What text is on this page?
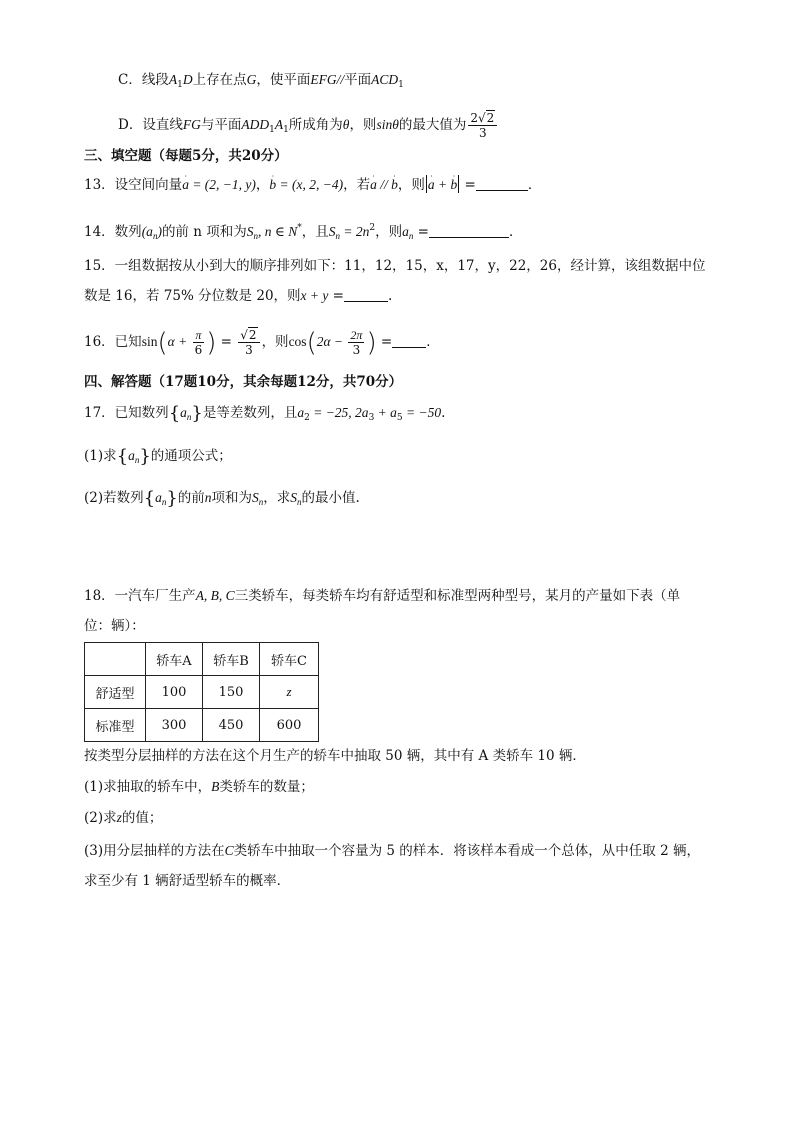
C．线段$A_1D$上存在点G，使平面EFG//平面$ACD_1$
D．设直线FG与平面$ADD_1A_1$所成角为θ，则sinθ的最大值为 $\frac{2√2}{3}$
三、填空题（每题5分，共20分）
13．设空间向量˙ a = (2, −1, y)，˙ b = (x, 2, −4)，若˙ a // ˙ b，则 ˙ a + ˙ b =	．
14．数列$(a_n)$的前 n 项和为$S_n$, n ∈ N*，且$S_n = 2n^2$，则$a_n$ =	．
15．一组数据按从小到大的顺序排列如下：11，12，15，x，17，y，22，26，经计算，该组数据中位
数是 16，若 75% 分位数是 20，则x + y =	.
16．已知$\sin(\alpha + \frac{\pi}{6}$ ) = $\frac{√2}{3}$ ，则$\cos(2\alpha - \frac{2\pi}{3}$ ) =	．
四、解答题（17题10分，其余每题12分，共70分）
17．已知数列$\{a_n\}$是等差数列，且$a_2 = -25$, $2a_3 + a_5 = -50$.
(1)求$\{a_n\}$的通项公式；
(2)若数列$\{a_n\}$的前n项和为$S_n$，求$S_n$的最小值.
18．一汽车厂生产A, B, C三类轿车，每类轿车均有舒适型和标准型两种型号，某月的产量如下表（单
位：辆）：
	轿车A	轿车B	轿车C
舒适型	100	150	z
标准型	300	450	600
按类型分层抽样的方法在这个月生产的轿车中抽取 50 辆，其中有 A 类轿车 10 辆．
(1)求抽取的轿车中，B类轿车的数量；
(2)求z的值；
(3)用分层抽样的方法在C类轿车中抽取一个容量为 5 的样本．将该样本看成一个总体，从中任取 2 辆，
求至少有 1 辆舒适型轿车的概率．
